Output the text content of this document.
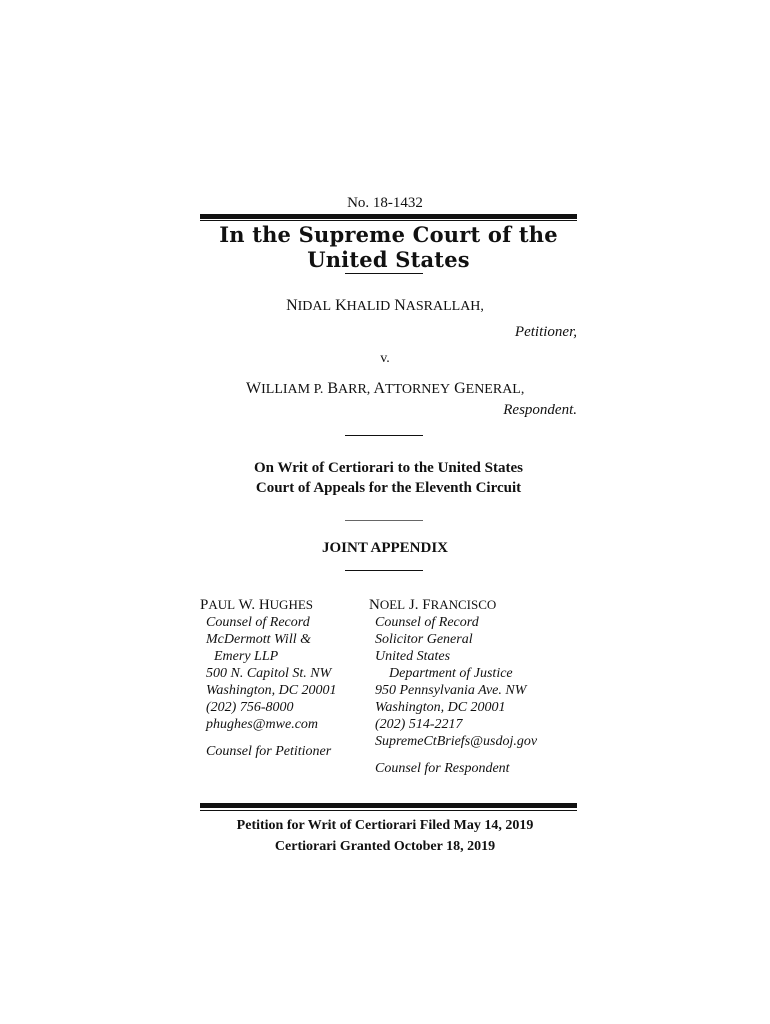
No. 18-1432
In the Supreme Court of the United States
NIDAL KHALID NASRALLAH,
Petitioner,
v.
WILLIAM P. BARR, ATTORNEY GENERAL,
Respondent.
On Writ of Certiorari to the United States
Court of Appeals for the Eleventh Circuit
JOINT APPENDIX
PAUL W. HUGHES
Counsel of Record
McDermott Will &
Emery LLP
500 N. Capitol St. NW
Washington, DC 20001
(202) 756-8000
phughes@mwe.com
Counsel for Petitioner
NOEL J. FRANCISCO
Counsel of Record
Solicitor General
United States
Department of Justice
950 Pennsylvania Ave. NW
Washington, DC 20001
(202) 514-2217
SupremeCtBriefs@usdoj.gov
Counsel for Respondent
Petition for Writ of Certiorari Filed May 14, 2019
Certiorari Granted October 18, 2019
